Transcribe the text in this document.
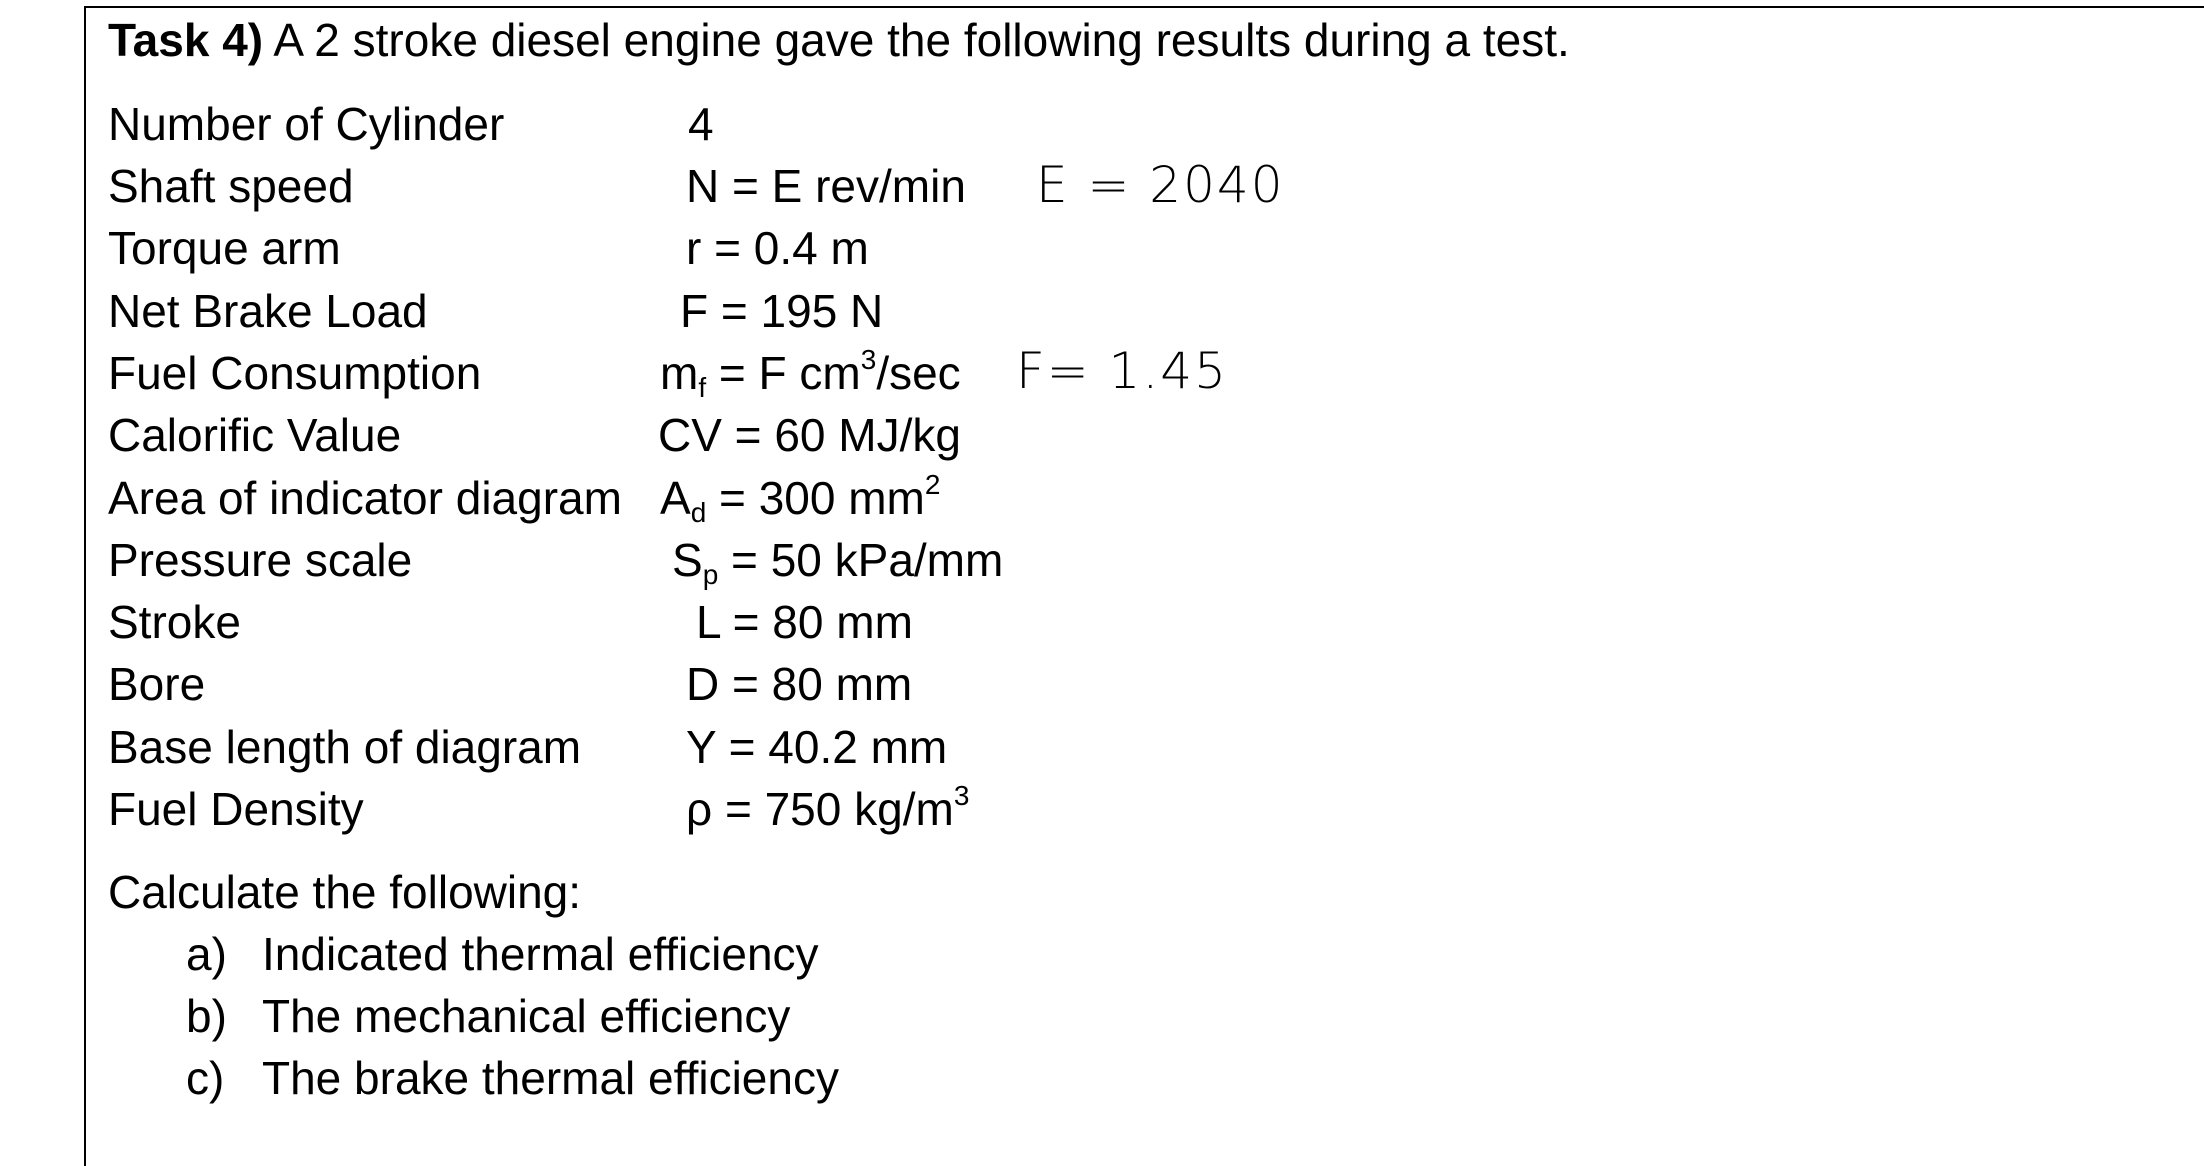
Task 4) A 2 stroke diesel engine gave the following results during a test.
Number of Cylinder
Shaft speed
Torque arm
Net Brake Load
Fuel Consumption
Calorific Value
Area of indicator diagram
Pressure scale
Stroke
Bore
Base length of diagram
Fuel Density
4
N = E rev/min
r = 0.4 m
F = 195 N
$m_f = F$ $cm^3/\sec$
CV = 60 MJ/kg
$A_d = 300$ $mm^2$
$S_p = 50$ kPa/mm
L = 80 mm
D = 80 mm
Y = 40.2 mm
ρ = 750 $kg/m^3$
E = 2040
F= 1.45
Calculate the following:
a) Indicated thermal efficiency
b) The mechanical efficiency
c) The brake thermal efficiency
